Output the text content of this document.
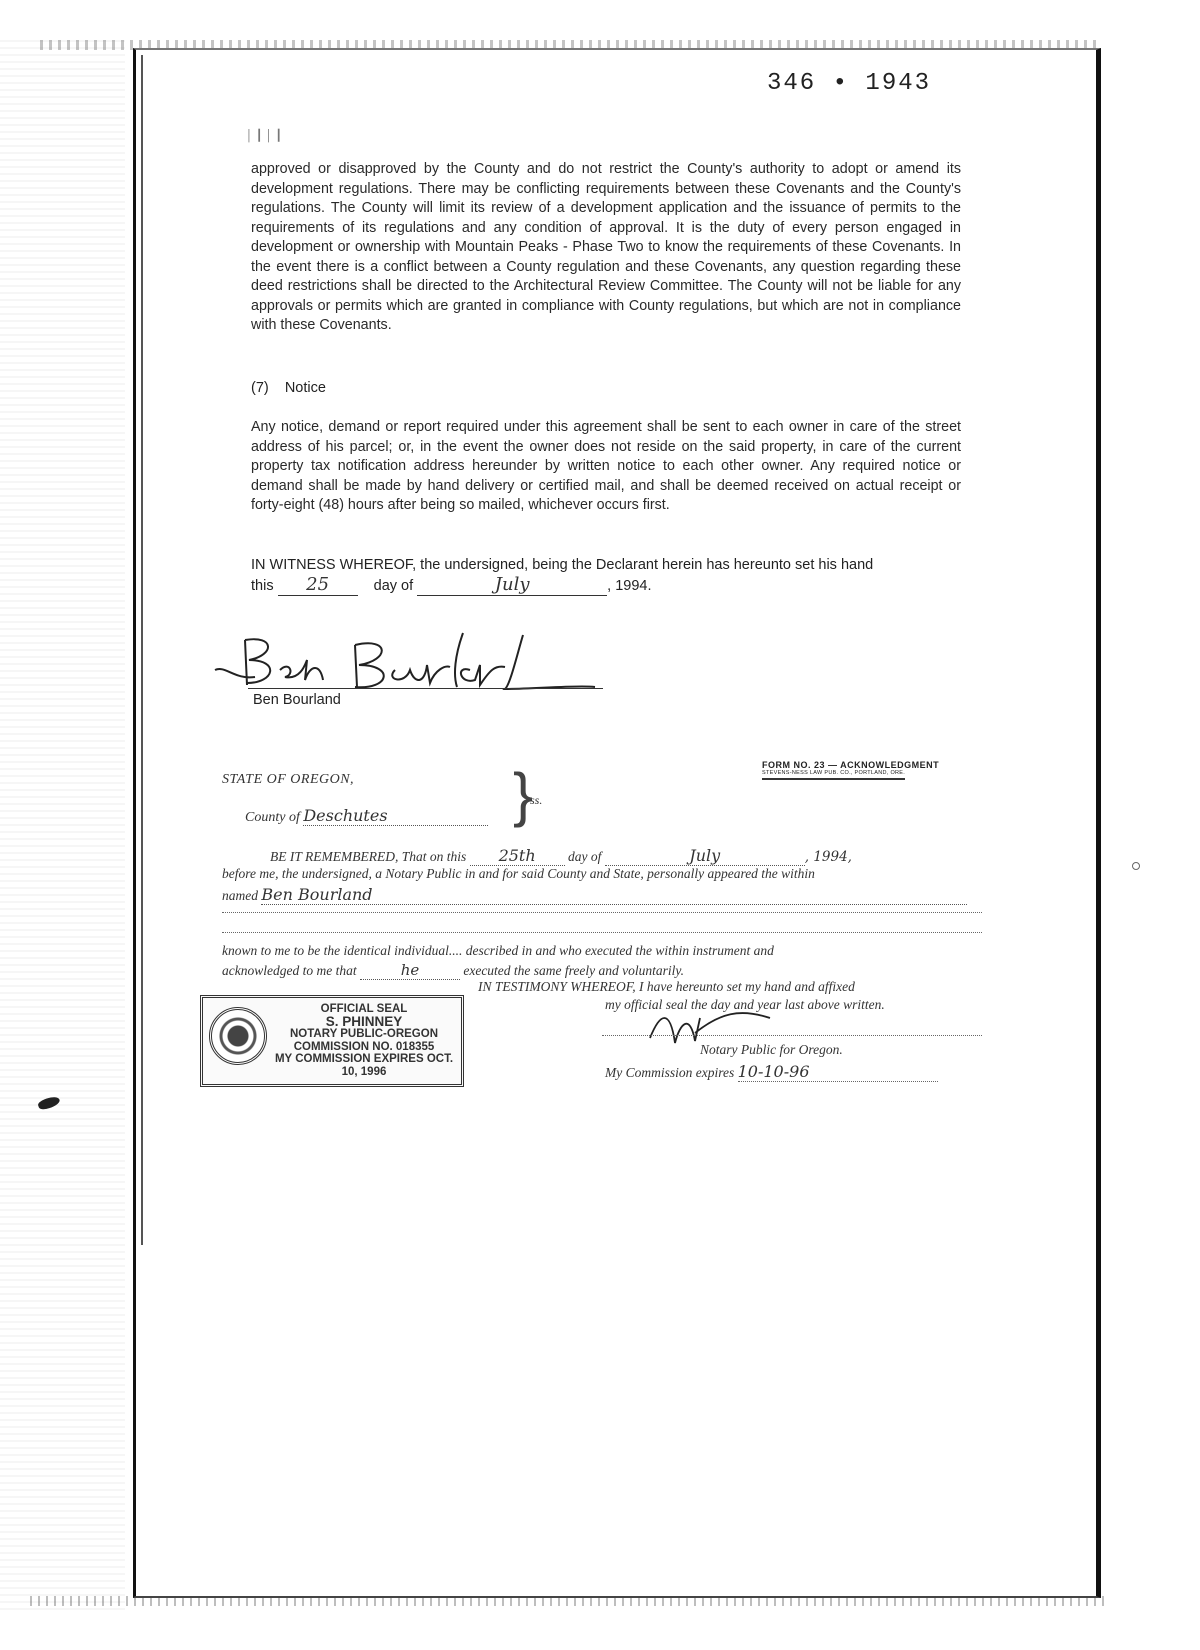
346 • 1943
│┃│┃
approved or disapproved by the County and do not restrict the County's authority to adopt or amend its development regulations. There may be conflicting requirements between these Covenants and the County's regulations. The County will limit its review of a development application and the issuance of permits to the requirements of its regulations and any condition of approval. It is the duty of every person engaged in development or ownership with Mountain Peaks - Phase Two to know the requirements of these Covenants. In the event there is a conflict between a County regulation and these Covenants, any question regarding these deed restrictions shall be directed to the Architectural Review Committee. The County will not be liable for any approvals or permits which are granted in compliance with County regulations, but which are not in compliance with these Covenants.
(7)    Notice
Any notice, demand or report required under this agreement shall be sent to each owner in care of the street address of his parcel; or, in the event the owner does not reside on the said property, in care of the current property tax notification address hereunder by written notice to each other owner. Any required notice or demand shall be made by hand delivery or certified mail, and shall be deemed received on actual receipt or forty-eight (48) hours after being so mailed, whichever occurs first.
IN WITNESS WHEREOF, the undersigned, being the Declarant herein has hereunto set his hand
this 25	day of	July	, 1994.
Ben Bourland
FORM NO. 23 — ACKNOWLEDGMENT
STEVENS-NESS LAW PUB. CO., PORTLAND, ORE.
STATE OF OREGON,	}
ss.
County of Deschutes
BE IT REMEMBERED, That on this 25th day of	July	, 1994,
before me, the undersigned, a Notary Public in and for said County and State, personally appeared the within
named Ben Bourland
known to me to be the identical individual.... described in and who executed the within instrument and
acknowledged to me that	he	executed the same freely and voluntarily.
IN TESTIMONY WHEREOF, I have hereunto set my hand and affixed
my official seal the day and year last above written.
OFFICIAL SEAL
S. PHINNEY
NOTARY PUBLIC-OREGON
COMMISSION NO. 018355
MY COMMISSION EXPIRES OCT. 10, 1996
Notary Public for Oregon.
My Commission expires 10-10-96
